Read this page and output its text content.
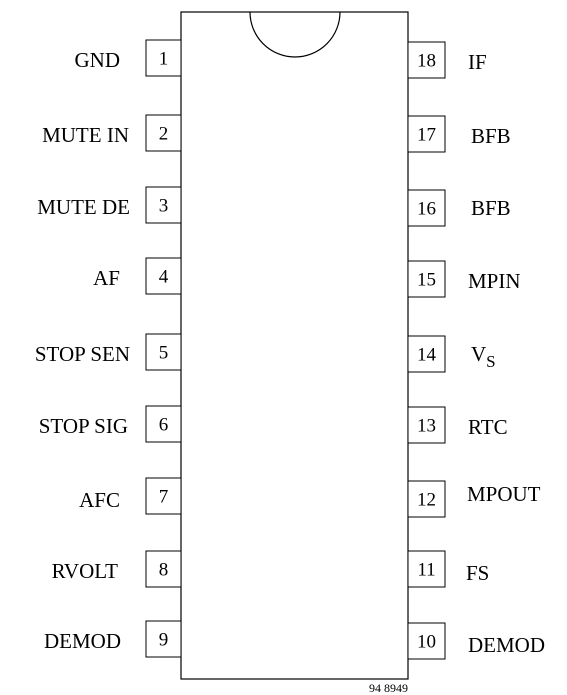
1
GND
2
MUTE IN
3
MUTE DE
4
AF
5
STOP SEN
6
STOP SIG
7
AFC
8
RVOLT
9
DEMOD
18 IF
17 BFB
16 BFB
15 MPIN
14 $V_S$
13 RTC
12 MPOUT
11 FS
10 DEMOD
94 8949
